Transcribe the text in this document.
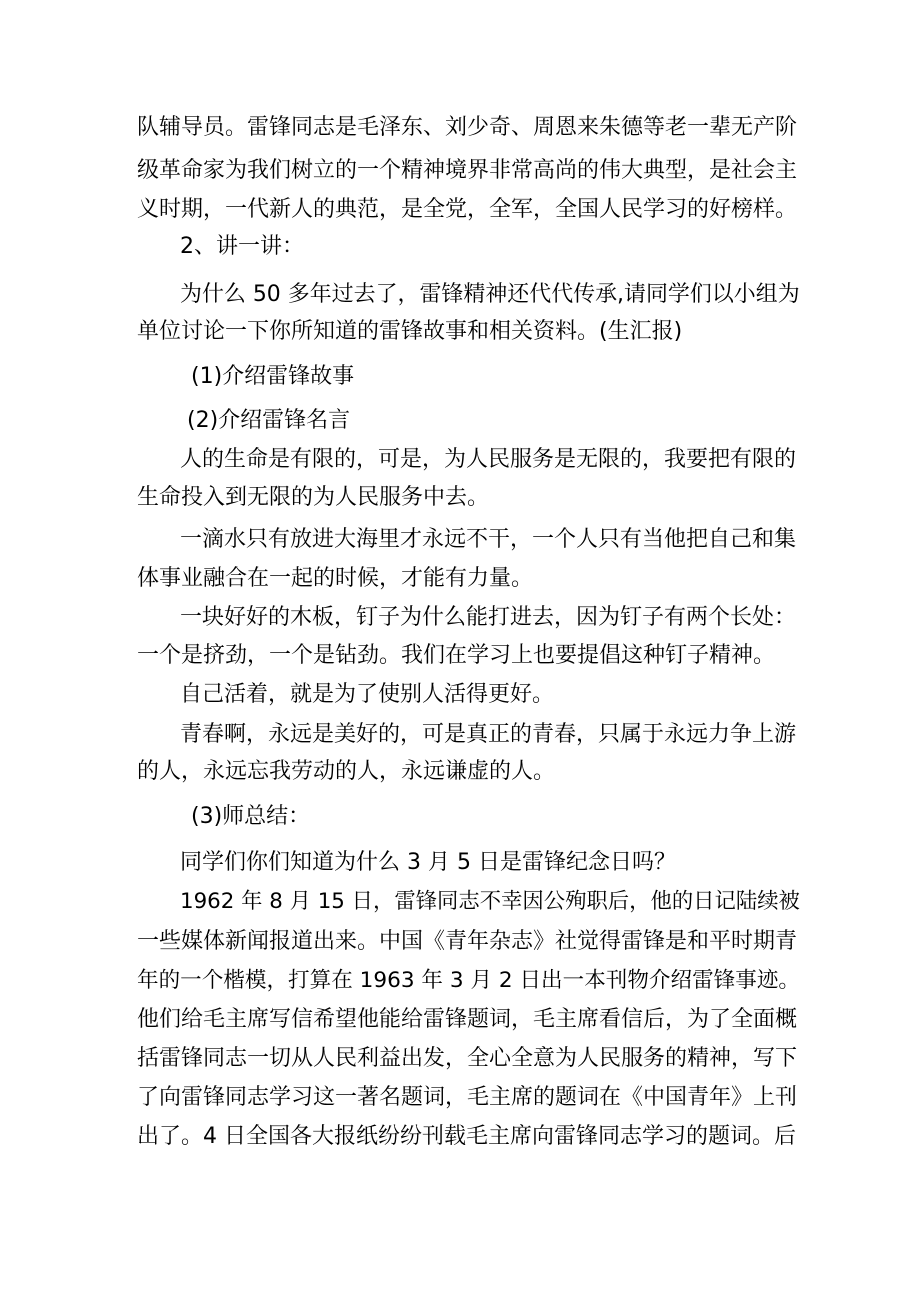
队辅导员。雷锋同志是毛泽东、刘少奇、周恩来朱德等老一辈无产阶
级革命家为我们树立的一个精神境界非常高尚的伟大典型，是社会主
义时期，一代新人的典范，是全党，全军，全国人民学习的好榜样。
2、讲一讲：
为什么 50 多年过去了，雷锋精神还代代传承,请同学们以小组为
单位讨论一下你所知道的雷锋故事和相关资料。(生汇报)
(1)介绍雷锋故事
(2)介绍雷锋名言
人的生命是有限的，可是，为人民服务是无限的，我要把有限的
生命投入到无限的为人民服务中去。
一滴水只有放进大海里才永远不干，一个人只有当他把自己和集
体事业融合在一起的时候，才能有力量。
一块好好的木板，钉子为什么能打进去，因为钉子有两个长处：
一个是挤劲，一个是钻劲。我们在学习上也要提倡这种钉子精神。
自己活着，就是为了使别人活得更好。
青春啊，永远是美好的，可是真正的青春，只属于永远力争上游
的人，永远忘我劳动的人，永远谦虚的人。
(3)师总结：
同学们你们知道为什么 3 月 5 日是雷锋纪念日吗？
1962 年 8 月 15 日，雷锋同志不幸因公殉职后，他的日记陆续被
一些媒体新闻报道出来。中国《青年杂志》社觉得雷锋是和平时期青
年的一个楷模，打算在 1963 年 3 月 2 日出一本刊物介绍雷锋事迹。
他们给毛主席写信希望他能给雷锋题词，毛主席看信后，为了全面概
括雷锋同志一切从人民利益出发，全心全意为人民服务的精神，写下
了向雷锋同志学习这一著名题词，毛主席的题词在《中国青年》上刊
出了。4 日全国各大报纸纷纷刊载毛主席向雷锋同志学习的题词。后
